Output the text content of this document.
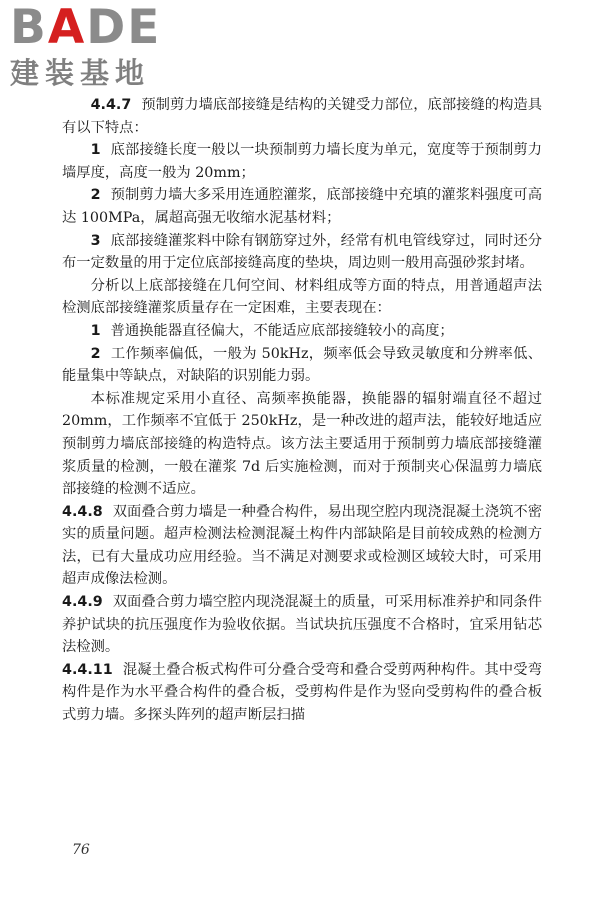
BADE
建装基地

4.4.7 预制剪力墙底部接缝是结构的关键受力部位，底部接缝的构造具有以下特点：

1 底部接缝长度一般以一块预制剪力墙长度为单元，宽度等于预制剪力墙厚度，高度一般为 20mm；

2 预制剪力墙大多采用连通腔灌浆，底部接缝中充填的灌浆料强度可高达 100MPa，属超高强无收缩水泥基材料；

3 底部接缝灌浆料中除有钢筋穿过外，经常有机电管线穿过，同时还分布一定数量的用于定位底部接缝高度的垫块，周边则一般用高强砂浆封堵。

分析以上底部接缝在几何空间、材料组成等方面的特点，用普通超声法检测底部接缝灌浆质量存在一定困难，主要表现在：

1 普通换能器直径偏大，不能适应底部接缝较小的高度；

2 工作频率偏低，一般为 50kHz，频率低会导致灵敏度和分辨率低、能量集中等缺点，对缺陷的识别能力弱。

本标准规定采用小直径、高频率换能器，换能器的辐射端直径不超过 20mm，工作频率不宜低于 250kHz，是一种改进的超声法，能较好地适应预制剪力墙底部接缝的构造特点。该方法主要适用于预制剪力墙底部接缝灌浆质量的检测，一般在灌浆 7d 后实施检测，而对于预制夹心保温剪力墙底部接缝的检测不适应。

4.4.8 双面叠合剪力墙是一种叠合构件，易出现空腔内现浇混凝土浇筑不密实的质量问题。超声检测法检测混凝土构件内部缺陷是目前较成熟的检测方法，已有大量成功应用经验。当不满足对测要求或检测区域较大时，可采用超声成像法检测。

4.4.9 双面叠合剪力墙空腔内现浇混凝土的质量，可采用标准养护和同条件养护试块的抗压强度作为验收依据。当试块抗压强度不合格时，宜采用钻芯法检测。

4.4.11 混凝土叠合板式构件可分叠合受弯和叠合受剪两种构件。其中受弯构件是作为水平叠合构件的叠合板，受剪构件是作为竖向受剪构件的叠合板式剪力墙。多探头阵列的超声断层扫描

76
